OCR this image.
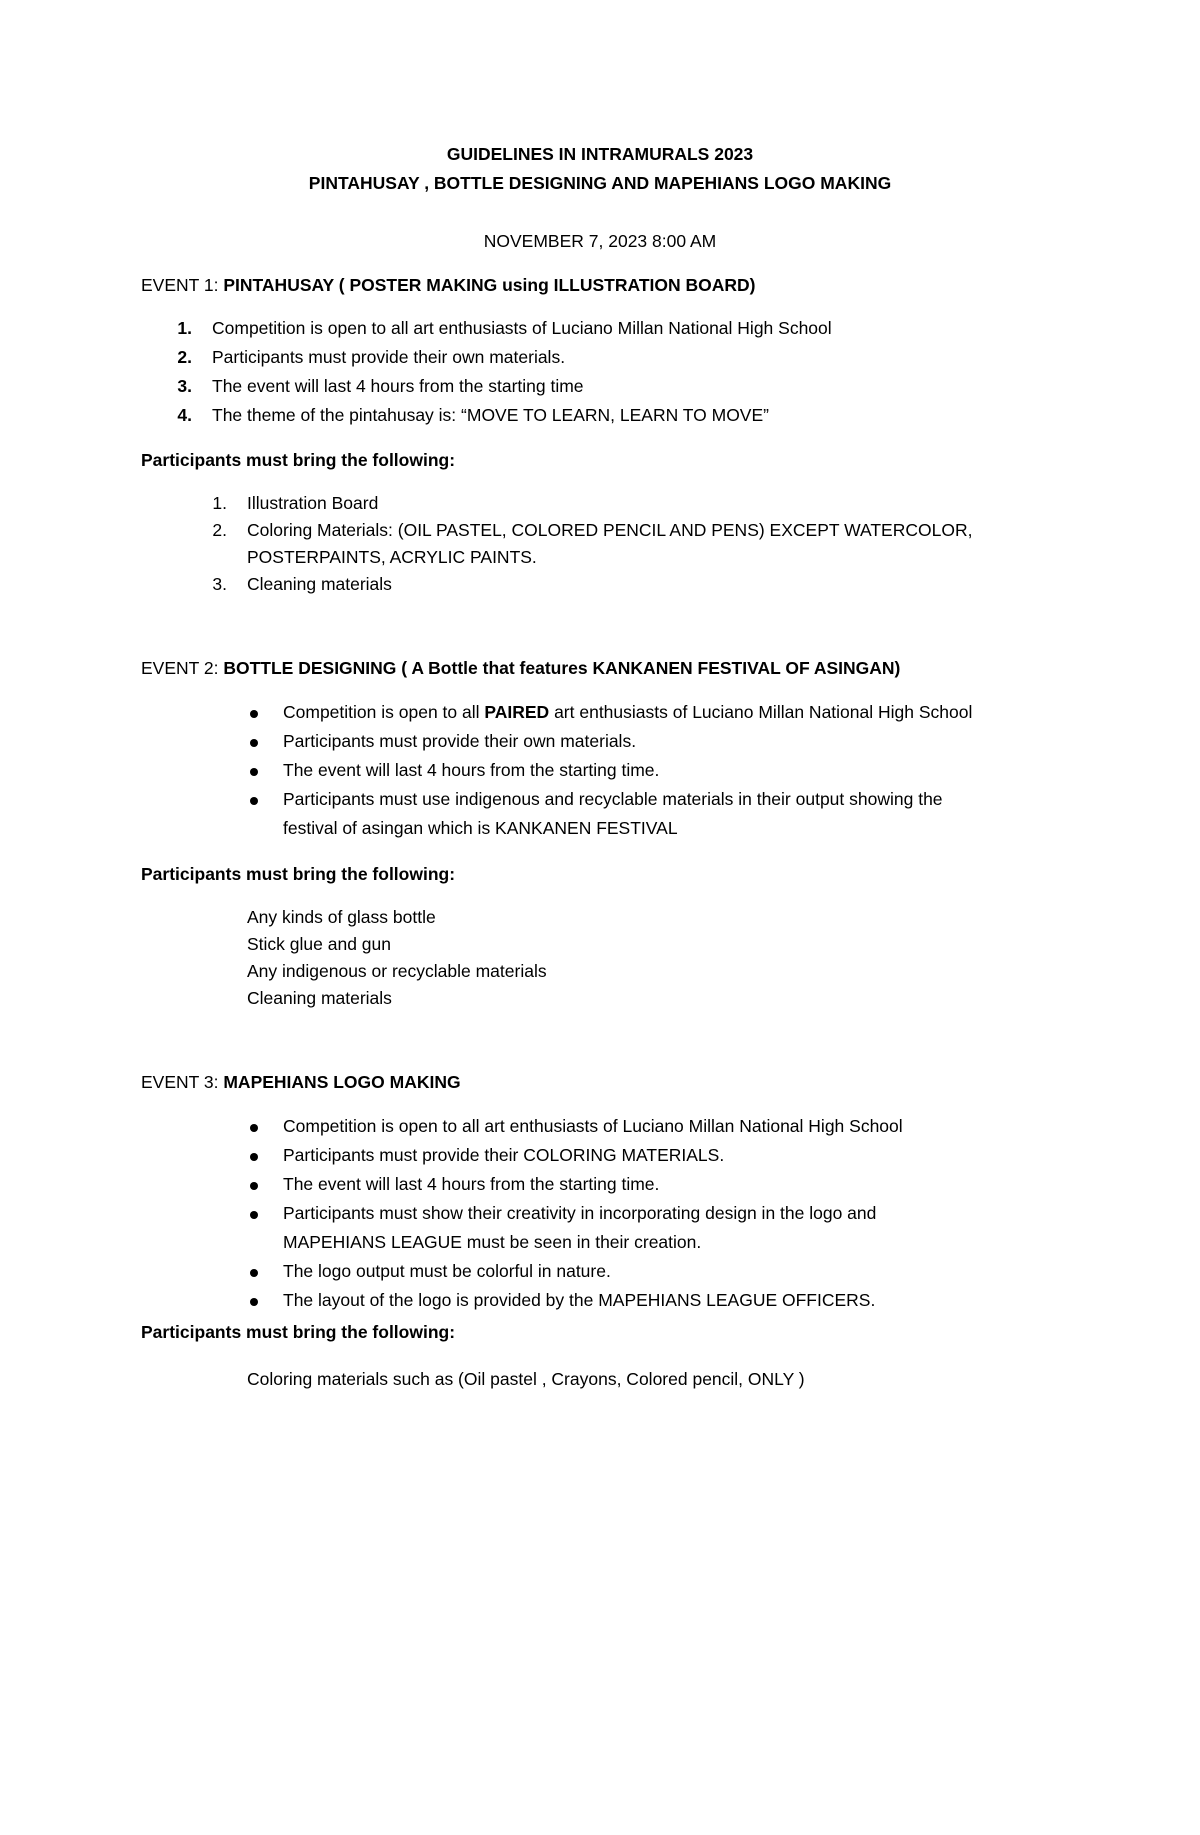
GUIDELINES IN INTRAMURALS 2023
PINTAHUSAY , BOTTLE DESIGNING AND MAPEHIANS LOGO MAKING
NOVEMBER 7, 2023 8:00 AM
EVENT 1: PINTAHUSAY ( POSTER MAKING using ILLUSTRATION BOARD)
1. Competition is open to all art enthusiasts of Luciano Millan National High School
2. Participants must provide their own materials.
3. The event will last 4 hours from the starting time
4. The theme of the pintahusay is: “MOVE TO LEARN, LEARN TO MOVE”
Participants must bring the following:
1. Illustration Board
2. Coloring Materials: (OIL PASTEL, COLORED PENCIL AND PENS) EXCEPT WATERCOLOR,
POSTERPAINTS, ACRYLIC PAINTS.
3. Cleaning materials
EVENT 2: BOTTLE DESIGNING ( A Bottle that features KANKANEN FESTIVAL OF ASINGAN)
Competition is open to all PAIRED art enthusiasts of Luciano Millan National High School
Participants must provide their own materials.
The event will last 4 hours from the starting time.
Participants must use indigenous and recyclable materials in their output showing the
festival of asingan which is KANKANEN FESTIVAL
Participants must bring the following:
Any kinds of glass bottle
Stick glue and gun
Any indigenous or recyclable materials
Cleaning materials
EVENT 3: MAPEHIANS LOGO MAKING
Competition is open to all art enthusiasts of Luciano Millan National High School
Participants must provide their COLORING MATERIALS.
The event will last 4 hours from the starting time.
Participants must show their creativity in incorporating design in the logo and
MAPEHIANS LEAGUE must be seen in their creation.
The logo output must be colorful in nature.
The layout of the logo is provided by the MAPEHIANS LEAGUE OFFICERS.
Participants must bring the following:
Coloring materials such as (Oil pastel , Crayons, Colored pencil, ONLY )
